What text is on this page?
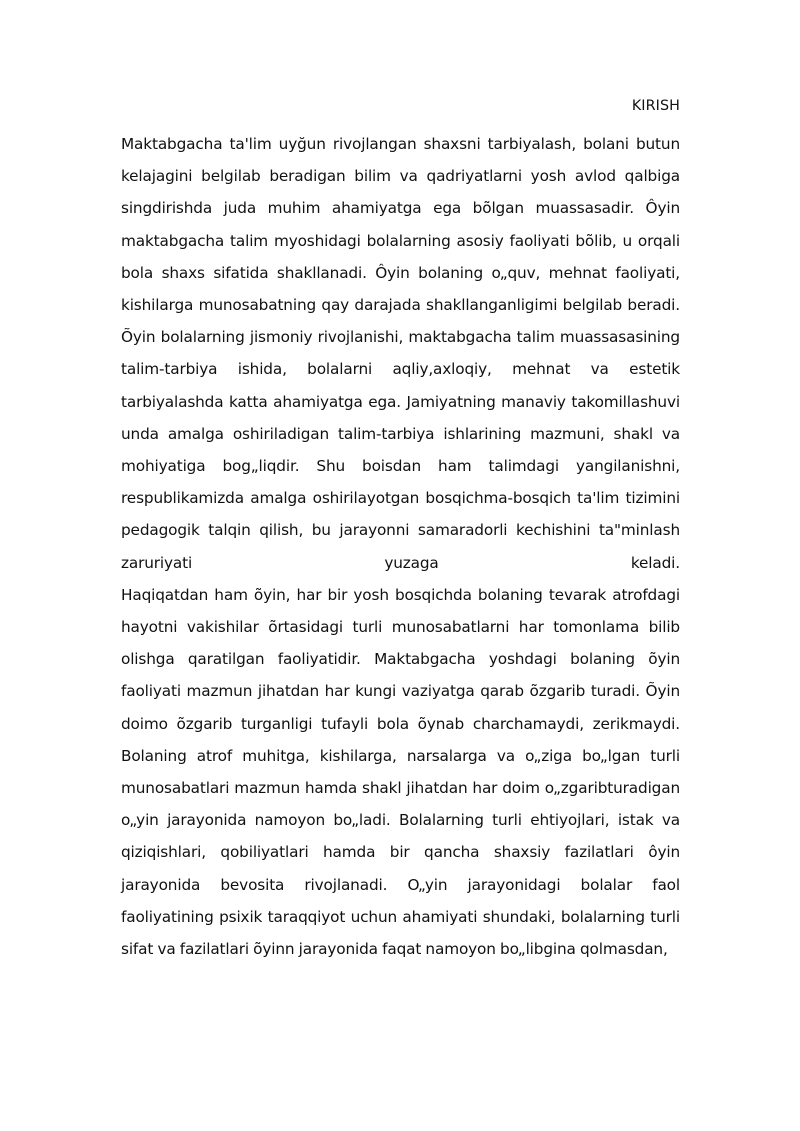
KIRISH

Maktabgacha ta'lim uyğun rivojlangan shaxsni tarbiyalash, bolani butun kelajagini belgilab beradigan bilim va qadriyatlarni yosh avlod qalbiga singdirishda juda muhim ahamiyatga ega bõlgan muassasadir. Ôyin maktabgacha talim myoshidagi bolalarning asosiy faoliyati bõlib, u orqali bola shaxs sifatida shakllanadi. Ôyin bolaning o„quv, mehnat faoliyati, kishilarga munosabatning qay darajada shakllanganligimi belgilab beradi. Õyin bolalarning jismoniy rivojlanishi, maktabgacha talim muassasasining talim-tarbiya ishida, bolalarni aqliy,axloqiy, mehnat va estetik tarbiyalashda katta ahamiyatga ega. Jamiyatning manaviy takomillashuvi unda amalga oshiriladigan talim-tarbiya ishlarining mazmuni, shakl va mohiyatiga bog„liqdir. Shu boisdan ham talimdagi yangilanishni, respublikamizda amalga oshirilayotgan bosqichma-bosqich ta'lim tizimini pedagogik talqin qilish, bu jarayonni samaradorli kechishini ta"minlash zaruriyati yuzaga keladi.

Haqiqatdan ham õyin, har bir yosh bosqichda bolaning tevarak atrofdagi hayotni vakishilar õrtasidagi turli munosabatlarni har tomonlama bilib olishga qaratilgan faoliyatidir. Maktabgacha yoshdagi bolaning õyin faoliyati mazmun jihatdan har kungi vaziyatga qarab õzgarib turadi. Õyin doimo õzgarib turganligi tufayli bola õynab charchamaydi, zerikmaydi. Bolaning atrof muhitga, kishilarga, narsalarga va o„ziga bo„lgan turli munosabatlari mazmun hamda shakl jihatdan har doim o„zgaribturadigan o„yin jarayonida namoyon bo„ladi. Bolalarning turli ehtiyojlari, istak va qiziqishlari, qobiliyatlari hamda bir qancha shaxsiy fazilatlari ôyin jarayonida bevosita rivojlanadi. O„yin jarayonidagi bolalar faol faoliyatining psixik taraqqiyot uchun ahamiyati shundaki, bolalarning turli sifat va fazilatlari õyinn jarayonida faqat namoyon bo„libgina qolmasdan,
